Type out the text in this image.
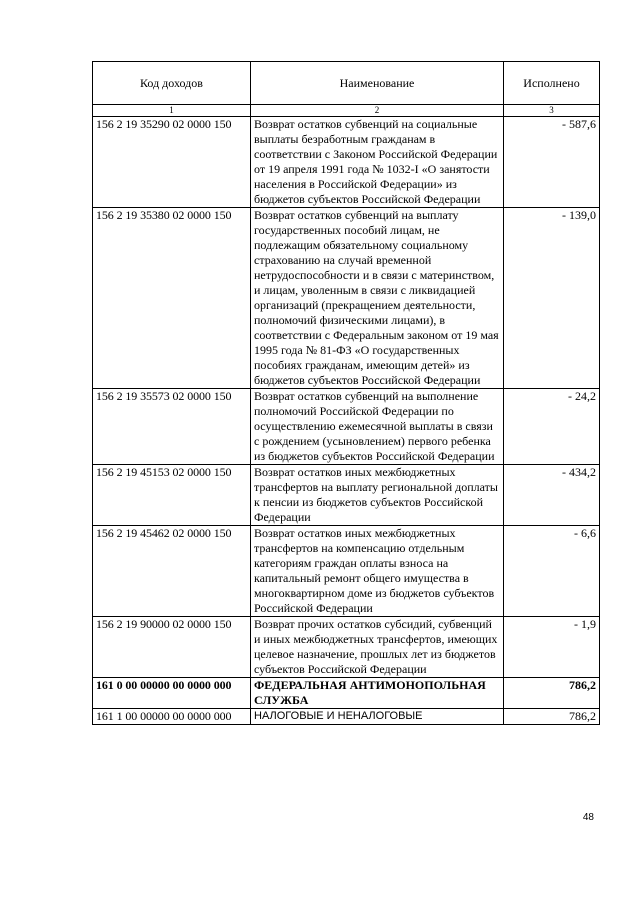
Код доходов	Наименование	Исполнено
1	2	3
156 2 19 35290 02 0000 150	Возврат остатков субвенций на социальные выплаты безработным гражданам в соответствии с Законом Российской Федерации от 19 апреля 1991 года № 1032-I «О занятости населения в Российской Федерации» из бюджетов субъектов Российской Федерации	- 587,6
156 2 19 35380 02 0000 150	Возврат остатков субвенций на выплату государственных пособий лицам, не подлежащим обязательному социальному страхованию на случай временной нетрудоспособности и в связи с материнством, и лицам, уволенным в связи с ликвидацией организаций (прекращением деятельности, полномочий физическими лицами), в соответствии с Федеральным законом от 19 мая 1995 года № 81-ФЗ «О государственных пособиях гражданам, имеющим детей» из бюджетов субъектов Российской Федерации	- 139,0
156 2 19 35573 02 0000 150	Возврат остатков субвенций на выполнение полномочий Российской Федерации по осуществлению ежемесячной выплаты в связи с рождением (усыновлением) первого ребенка из бюджетов субъектов Российской Федерации	- 24,2
156 2 19 45153 02 0000 150	Возврат остатков иных межбюджетных трансфертов на выплату региональной доплаты к пенсии из бюджетов субъектов Российской Федерации	- 434,2
156 2 19 45462 02 0000 150	Возврат остатков иных межбюджетных трансфертов на компенсацию отдельным категориям граждан оплаты взноса на капитальный ремонт общего имущества в многоквартирном доме из бюджетов субъектов Российской Федерации	- 6,6
156 2 19 90000 02 0000 150	Возврат прочих остатков субсидий, субвенций и иных межбюджетных трансфертов, имеющих целевое назначение, прошлых лет из бюджетов субъектов Российской Федерации	- 1,9
161 0 00 00000 00 0000 000	ФЕДЕРАЛЬНАЯ АНТИМОНОПОЛЬНАЯ СЛУЖБА	786,2
161 1 00 00000 00 0000 000	НАЛОГОВЫЕ И НЕНАЛОГОВЫЕ	786,2
48
